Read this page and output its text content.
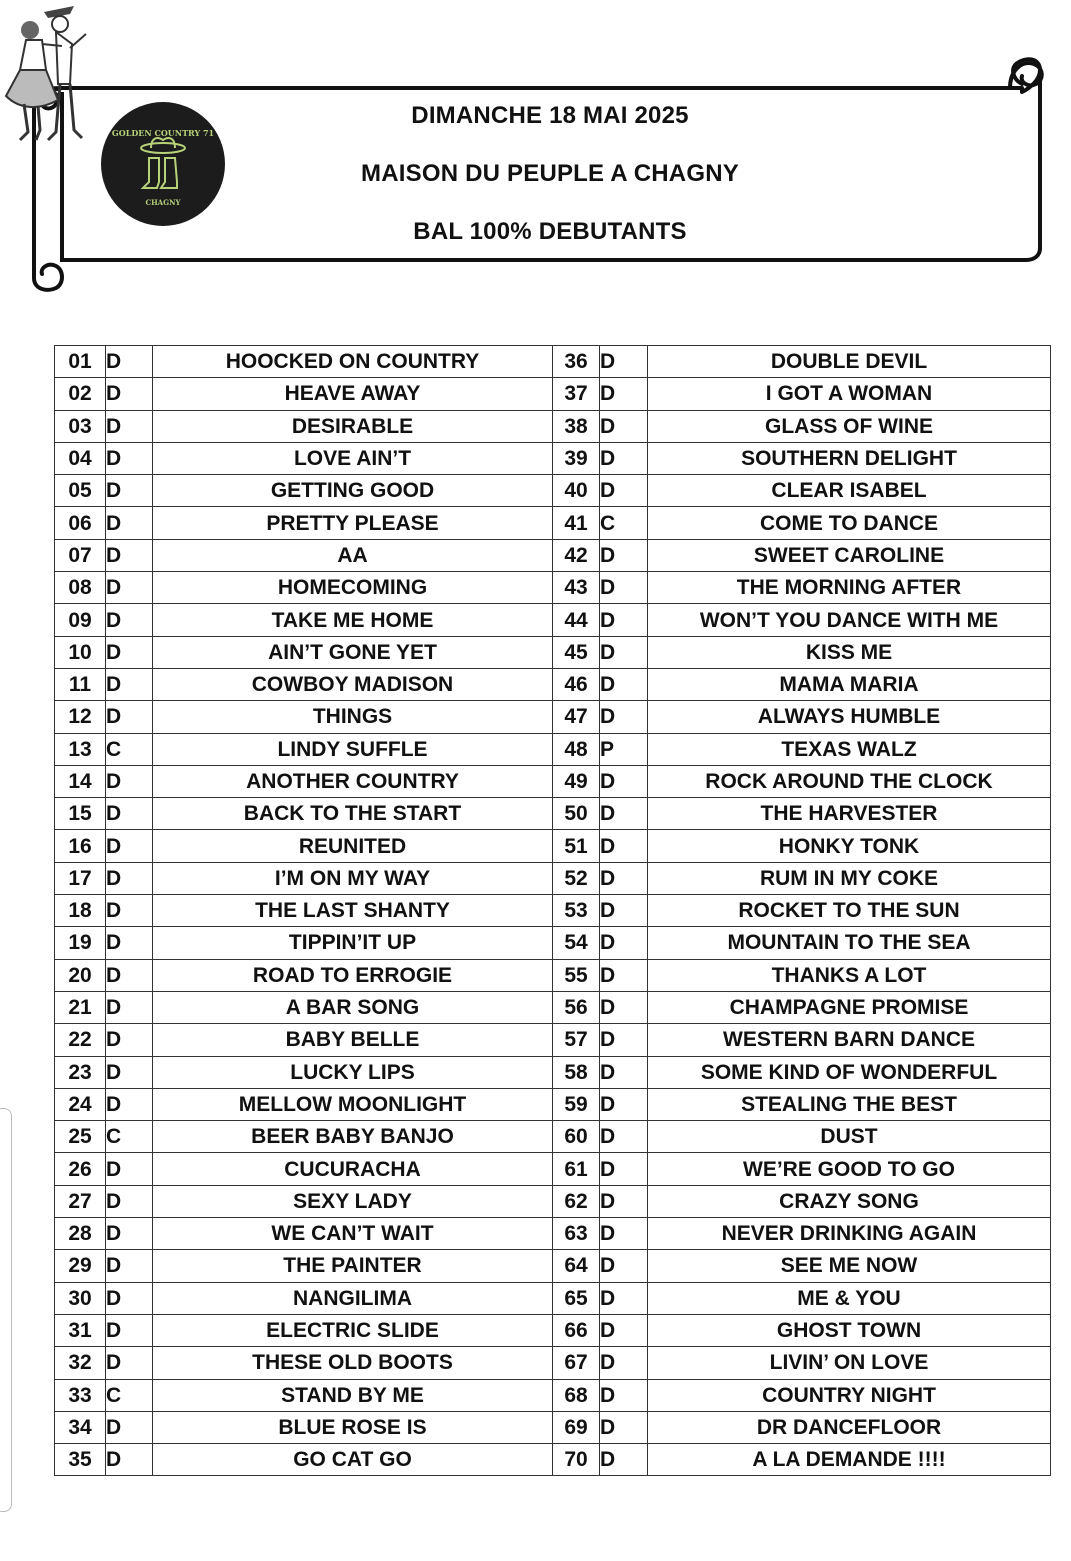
GOLDEN COUNTRY 71
CHAGNY
DIMANCHE 18 MAI 2025
MAISON DU PEUPLE A CHAGNY
BAL 100% DEBUTANTS
01	D	HOOCKED ON COUNTRY	36	D	DOUBLE DEVIL
02	D	HEAVE AWAY	37	D	I GOT A WOMAN
03	D	DESIRABLE	38	D	GLASS OF WINE
04	D	LOVE AIN’T	39	D	SOUTHERN DELIGHT
05	D	GETTING GOOD	40	D	CLEAR ISABEL
06	D	PRETTY PLEASE	41	C	COME TO DANCE
07	D	AA	42	D	SWEET CAROLINE
08	D	HOMECOMING	43	D	THE MORNING AFTER
09	D	TAKE ME HOME	44	D	WON’T YOU DANCE WITH ME
10	D	AIN’T GONE YET	45	D	KISS ME
11	D	COWBOY MADISON	46	D	MAMA MARIA
12	D	THINGS	47	D	ALWAYS HUMBLE
13	C	LINDY SUFFLE	48	P	TEXAS WALZ
14	D	ANOTHER COUNTRY	49	D	ROCK AROUND THE CLOCK
15	D	BACK TO THE START	50	D	THE HARVESTER
16	D	REUNITED	51	D	HONKY TONK
17	D	I’M ON MY WAY	52	D	RUM IN MY COKE
18	D	THE LAST SHANTY	53	D	ROCKET TO THE SUN
19	D	TIPPIN’IT UP	54	D	MOUNTAIN TO THE SEA
20	D	ROAD TO ERROGIE	55	D	THANKS A LOT
21	D	A BAR SONG	56	D	CHAMPAGNE PROMISE
22	D	BABY BELLE	57	D	WESTERN BARN DANCE
23	D	LUCKY LIPS	58	D	SOME KIND OF WONDERFUL
24	D	MELLOW MOONLIGHT	59	D	STEALING THE BEST
25	C	BEER BABY BANJO	60	D	DUST
26	D	CUCURACHA	61	D	WE’RE GOOD TO GO
27	D	SEXY LADY	62	D	CRAZY SONG
28	D	WE CAN’T WAIT	63	D	NEVER DRINKING AGAIN
29	D	THE PAINTER	64	D	SEE ME NOW
30	D	NANGILIMA	65	D	ME & YOU
31	D	ELECTRIC SLIDE	66	D	GHOST TOWN
32	D	THESE OLD BOOTS	67	D	LIVIN’ ON LOVE
33	C	STAND BY ME	68	D	COUNTRY NIGHT
34	D	BLUE ROSE IS	69	D	DR DANCEFLOOR
35	D	GO CAT GO	70	D	A LA DEMANDE !!!!
